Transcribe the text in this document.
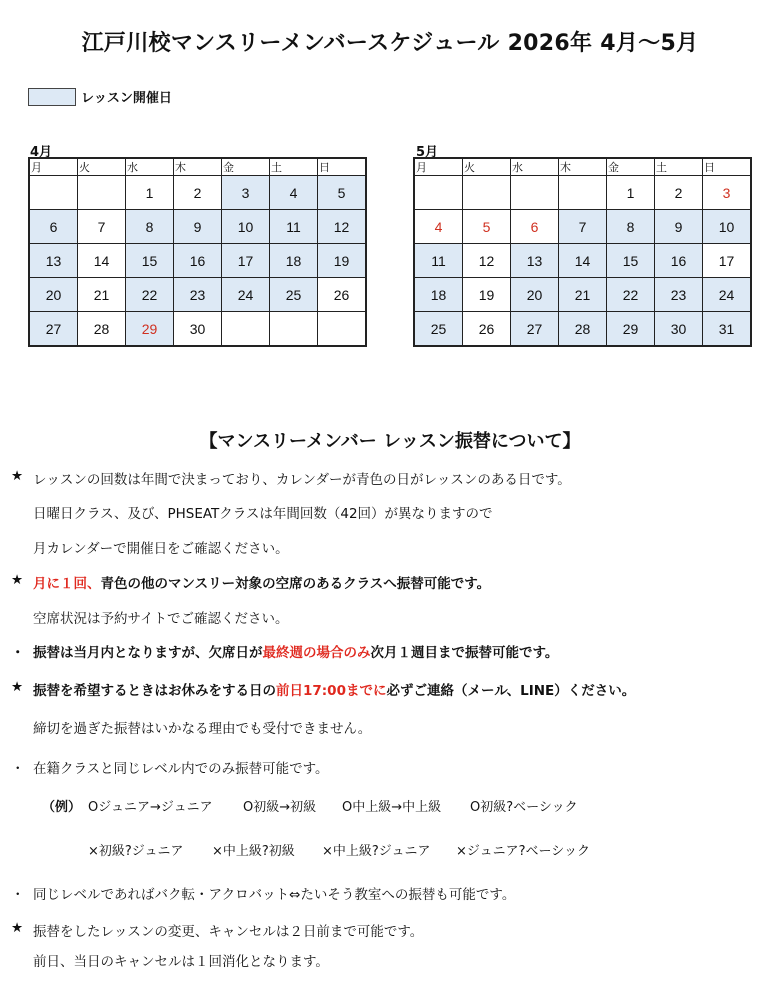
江戸川校マンスリーメンバースケジュール 2026年 4月～5月
レッスン開催日
4月
月	火	水	木	金	土	日
		1	2	3	4	5
6	7	8	9	10	11	12
13	14	15	16	17	18	19
20	21	22	23	24	25	26
27	28	29	30			
5月
月	火	水	木	金	土	日
				1	2	3
4	5	6	7	8	9	10
11	12	13	14	15	16	17
18	19	20	21	22	23	24
25	26	27	28	29	30	31
【マンスリーメンバー レッスン振替について】
★ レッスンの回数は年間で決まっており、カレンダーが青色の日がレッスンのある日です。
日曜日クラス、及び、PHSEATクラスは年間回数（42回）が異なりますので
月カレンダーで開催日をご確認ください。
★ 月に１回、青色の他のマンスリー対象の空席のあるクラスへ振替可能です。
空席状況は予約サイトでご確認ください。
・ 振替は当月内となりますが、欠席日が最終週の場合のみ次月１週目まで振替可能です。
★ 振替を希望するときはお休みをする日の前日17:00までに必ずご連絡（メール、LINE）ください。
締切を過ぎた振替はいかなる理由でも受付できません。
・ 在籍クラスと同じレベル内でのみ振替可能です。
（例） Oジュニア→ジュニア O初級→初級 O中上級→中上級 O初級?ベーシック
×初級?ジュニア ×中上級?初級 ×中上級?ジュニア ×ジュニア?ベーシック
・ 同じレベルであればバク転・アクロバット⇔たいそう教室への振替も可能です。
★ 振替をしたレッスンの変更、キャンセルは２日前まで可能です。
前日、当日のキャンセルは１回消化となります。
